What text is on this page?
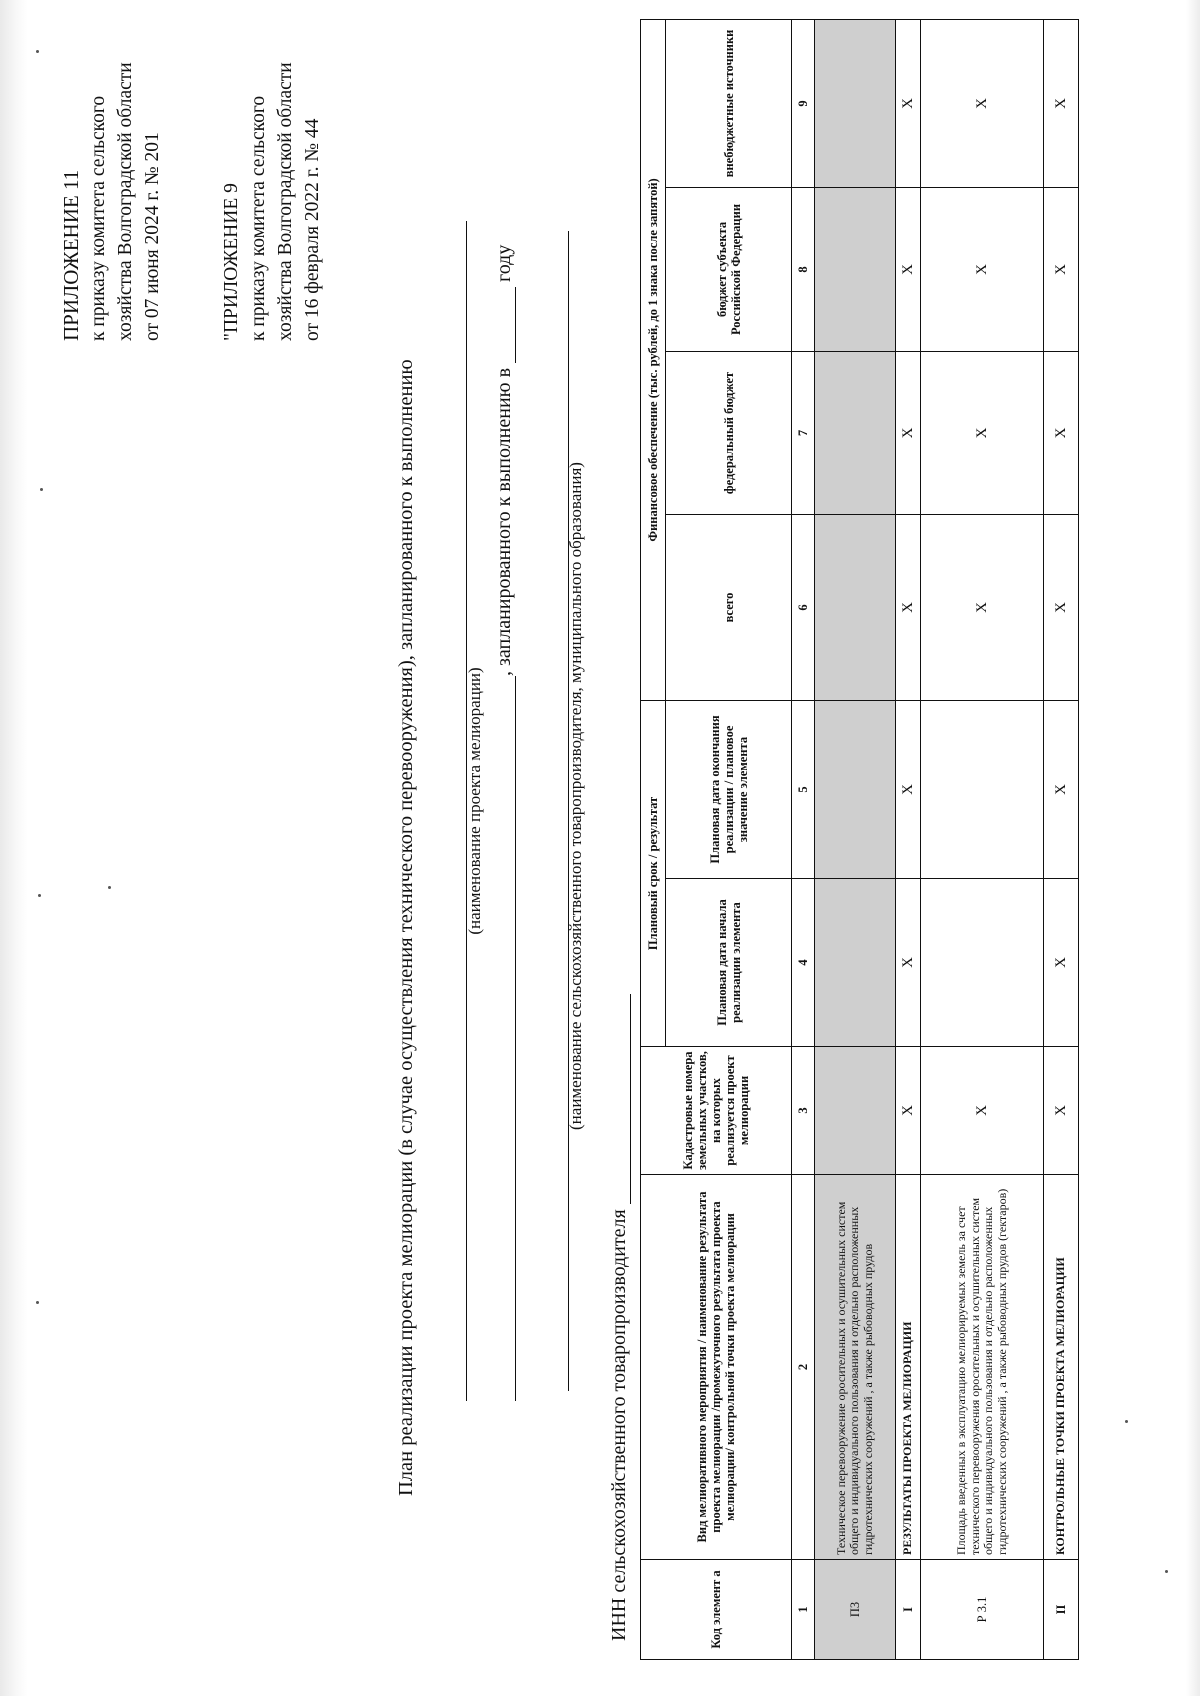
ПРИЛОЖЕНИЕ 11 к приказу комитета сельского хозяйства Волгоградской области от 07 июня 2024 г. № 201	"ПРИЛОЖЕНИЕ 9 к приказу комитета сельского хозяйства Волгоградской области от 16 февраля 2022 г. № 44
План реализации проекта мелиорации (в случае осуществления технического перевооружения), запланированного к выполнению	(наименование проекта мелиорации)
, запланированного к выполнению в  году
(наименование сельскохозяйственного товаропроизводителя, муниципального образования)
ИНН сельскохозяйственного товаропроизводителя	Код элемент а	Вид мелиоративного мероприятия / наименование результата проекта мелиорации /промежуточного результата проекта мелиорации/ контрольной точки проекта мелиорации	Кадастровые номера земельных участков, на которых реализуется проект мелиорации	Плановый срок / результат		Финансовое обеспечение (тыс. рублей, до 1 знака после запятой)			
			Плановая дата начала реализации элемента	Плановая дата окончания реализации / плановое значение элемента	всего	федеральный бюджет	бюджет субъекта Российской Федерации	внебюджетные источники
1	2	3	4	5	6	7	8	9
П3	Техническое перевооружение оросительных и осушительных систем общего и индивидуального пользования и отдельно расположенных гидротехнических сооружений , а также рыбоводных прудов							
I	РЕЗУЛЬТАТЫ ПРОЕКТА МЕЛИОРАЦИИ	X	X	X	X	X	X	X
Р 3.1	Площадь введенных в эксплуатацию мелиорируемых земель за счет технического перевооружения оросительных и осушительных систем общего и индивидуального пользования и отдельно расположенных гидротехнических сооружений , а также рыбоводных прудов (гектаров)	X			X	X	X	X
II	КОНТРОЛЬНЫЕ ТОЧКИ ПРОЕКТА МЕЛИОРАЦИИ	X	X	X	X	X	X	X
